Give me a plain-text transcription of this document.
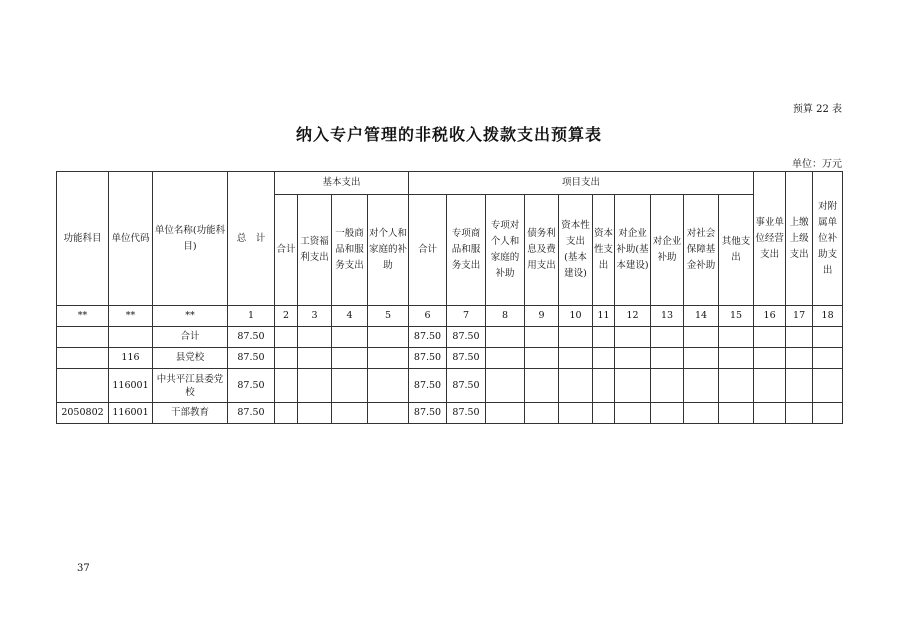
预算 22 表
纳入专户管理的非税收入拨款支出预算表
单位：万元
功能科目	单位代码	单位名称(功能科目)	总　计	基本支出				项目支出										事业单位经营支出	上缴上级支出	对附属单位补助支出
				合计	工资福利支出	一般商品和服务支出	对个人和家庭的补助	合计	专项商品和服务支出	专项对个人和家庭的补助	债务利息及费用支出	资本性支出(基本建设)	资本性支出	对企业补助(基本建设)	对企业补助	对社会保障基金补助	其他支出			
**	**	**	1	2	3	4	5	6	7	8	9	10	11	12	13	14	15	16	17	18
		合计	87.50					87.50	87.50											
	116	县党校	87.50					87.50	87.50											
	116001	中共平江县委党校	87.50					87.50	87.50											
2050802	116001	干部教育	87.50					87.50	87.50											
37
